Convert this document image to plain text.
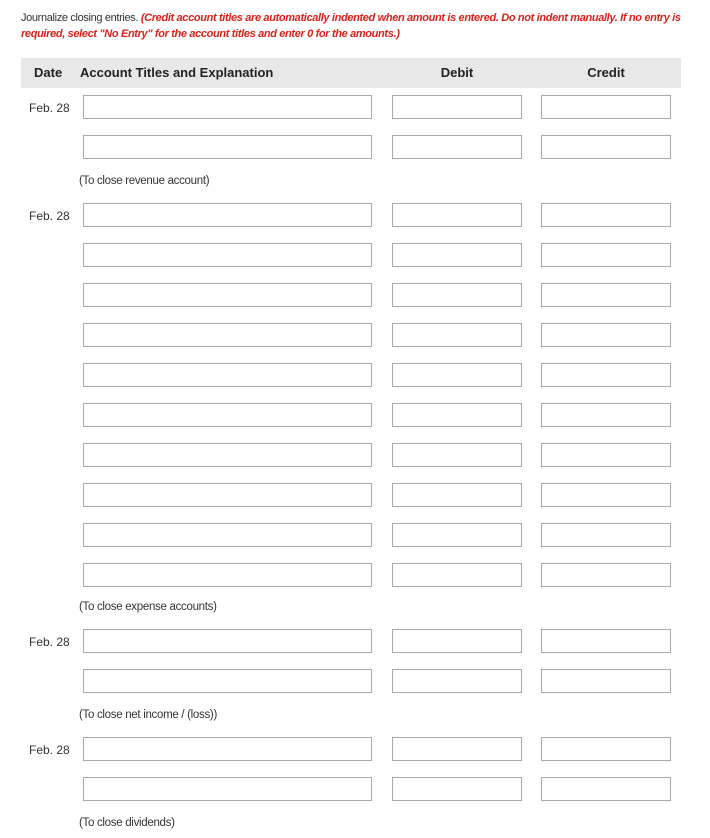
Journalize closing entries. (Credit account titles are automatically indented when amount is entered. Do not indent manually. If no entry is required, select "No Entry" for the account titles and enter 0 for the amounts.)
Date Account Titles and Explanation	Debit	Credit
Feb. 28
(To close revenue account)
Feb. 28
(To close expense accounts)
Feb. 28
(To close net income / (loss))
Feb. 28
(To close dividends)
